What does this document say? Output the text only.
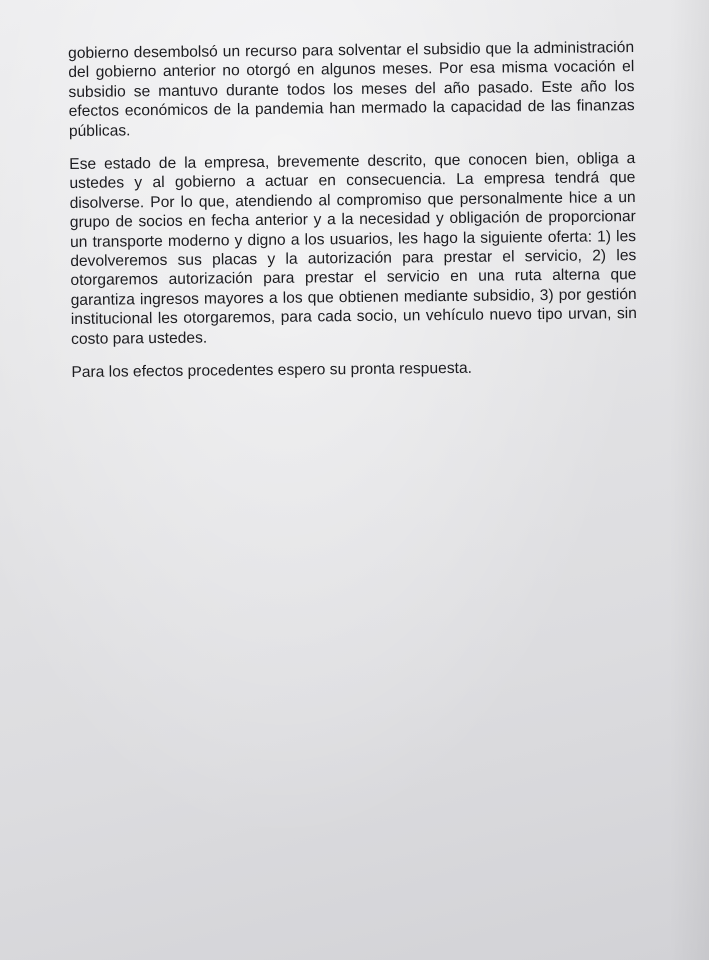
gobierno desembolsó un recurso para solventar el subsidio que la administración del gobierno anterior no otorgó en algunos meses. Por esa misma vocación el subsidio se mantuvo durante todos los meses del año pasado. Este año los efectos económicos de la pandemia han mermado la capacidad de las finanzas públicas.

Ese estado de la empresa, brevemente descrito, que conocen bien, obliga a ustedes y al gobierno a actuar en consecuencia. La empresa tendrá que disolverse. Por lo que, atendiendo al compromiso que personalmente hice a un grupo de socios en fecha anterior y a la necesidad y obligación de proporcionar un transporte moderno y digno a los usuarios, les hago la siguiente oferta: 1) les devolveremos sus placas y la autorización para prestar el servicio, 2) les otorgaremos autorización para prestar el servicio en una ruta alterna que garantiza ingresos mayores a los que obtienen mediante subsidio, 3) por gestión institucional les otorgaremos, para cada socio, un vehículo nuevo tipo urvan, sin costo para ustedes.

Para los efectos procedentes espero su pronta respuesta.
